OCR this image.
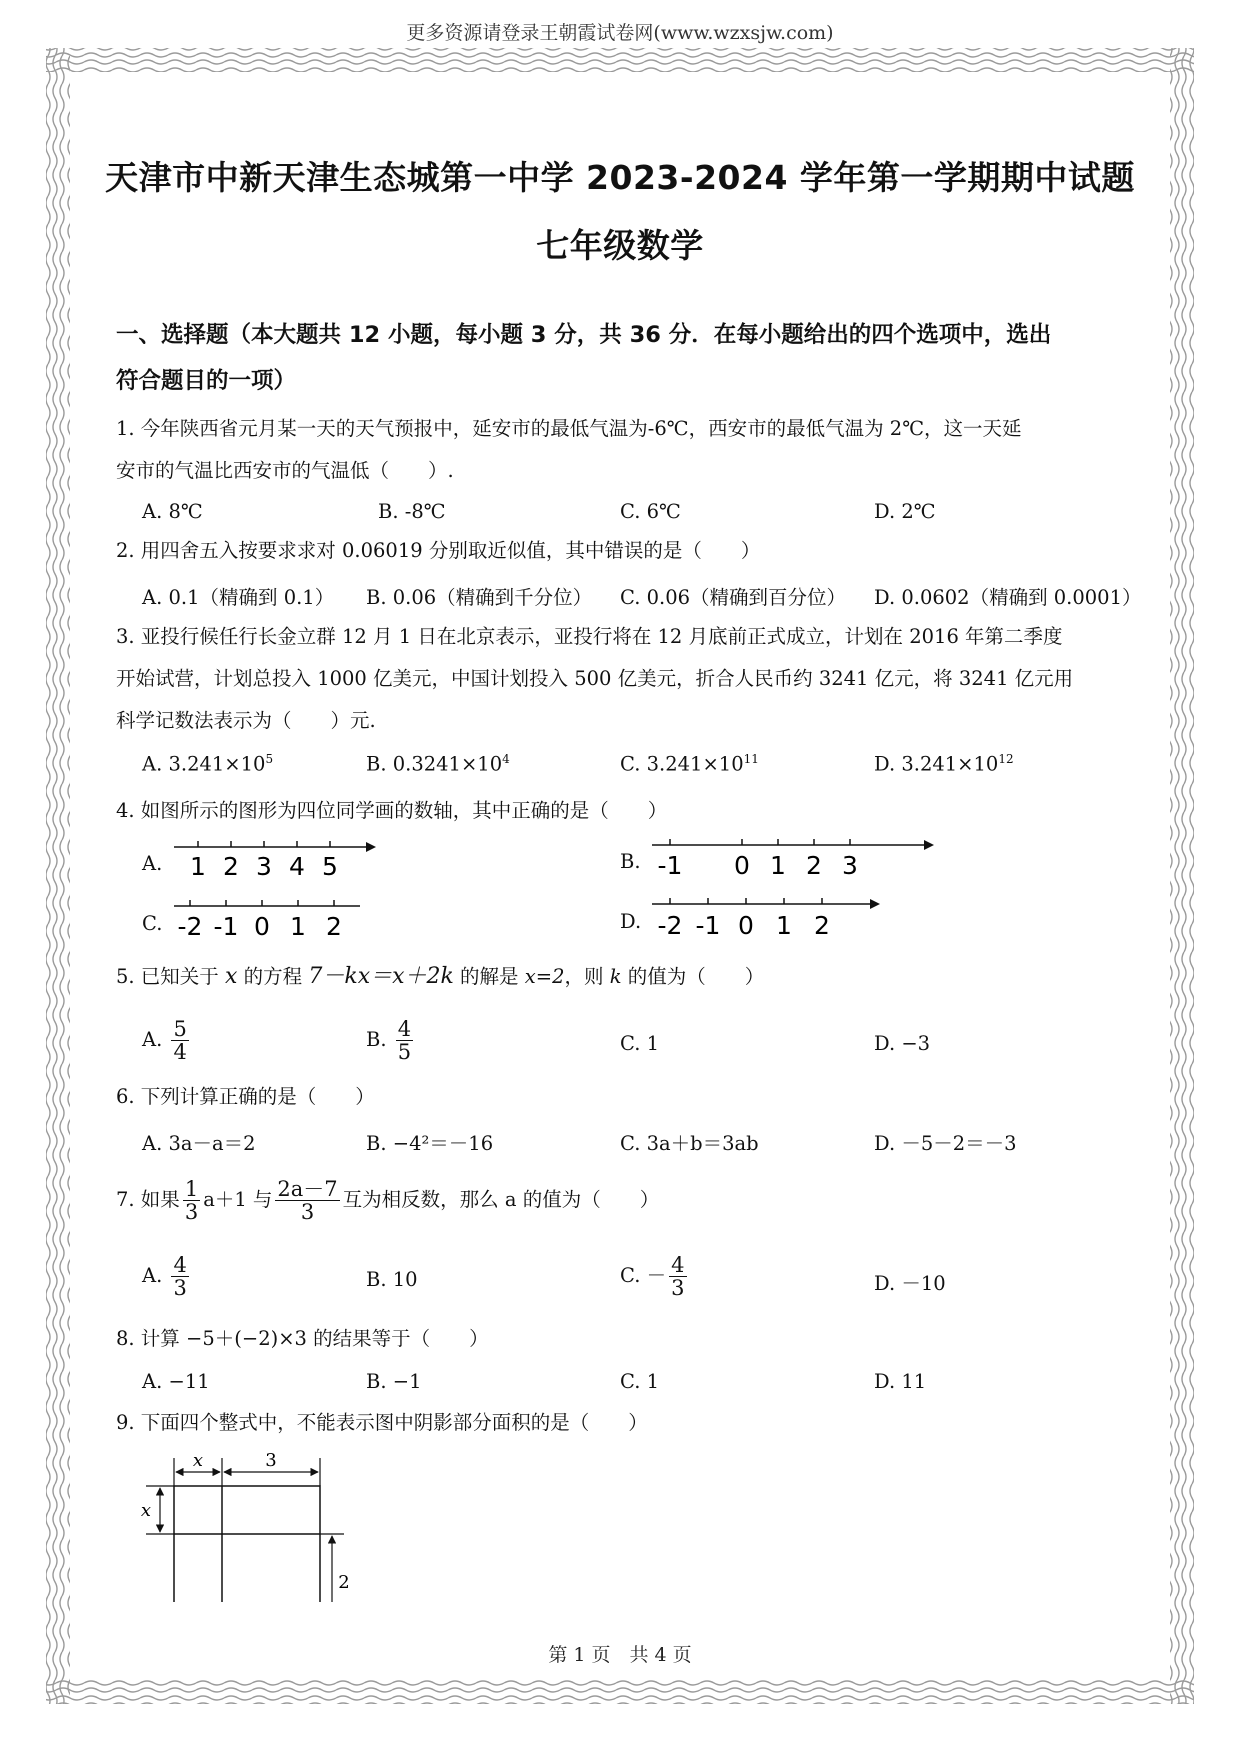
更多资源请登录王朝霞试卷网(www.wzxsjw.com)
天津市中新天津生态城第一中学 2023-2024 学年第一学期期中试题
七年级数学
一、选择题（本大题共 12 小题，每小题 3 分，共 36 分．在每小题给出的四个选项中，选出
符合题目的一项）
1. 今年陕西省元月某一天的天气预报中，延安市的最低气温为-6℃，西安市的最低气温为 2℃，这一天延
安市的气温比西安市的气温低（　　）.
A. 8℃	B. -8℃	C. 6℃	D. 2℃
2. 用四舍五入按要求求对 0.06019 分别取近似值，其中错误的是（　　）
A. 0.1（精确到 0.1） B. 0.06（精确到千分位） C. 0.06（精确到百分位） D. 0.0602（精确到 0.0001）
3. 亚投行候任行长金立群 12 月 1 日在北京表示，亚投行将在 12 月底前正式成立，计划在 2016 年第二季度
开始试营，计划总投入 1000 亿美元，中国计划投入 500 亿美元，折合人民币约 3241 亿元，将 3241 亿元用
科学记数法表示为（　　）元.
A. $3.241\times 10^5$	B. $0.3241\times 10^4$	C. $3.241\times 10^{11}$	D. $3.241\times 10^{12}$
4. 如图所示的图形为四位同学画的数轴，其中正确的是（　　）
A. 1 2 3 4 5	B. -1 0 1 2 3
C. -2 -1 0 1 2	D. -2 -1 0 1 2
5. 已知关于 x 的方程 7－kx＝x＋2k 的解是 x=2，则 k 的值为（　　）
A. $\frac{5}{4}$	B. $\frac{4}{5}$	C. 1	D. −3
6. 下列计算正确的是（　　）
A. 3a－a＝2	B. −4²＝－16	C. 3a＋b＝3ab	D. －5－2＝－3
7. 如果 $\frac{1}{3} a+1$ 与 $\frac{2a-7}{3}$ 互为相反数，那么 a 的值为（　　）
A. $\frac{4}{3}$	B. 10	C. － $\frac{4}{3}$	D. －10
8. 计算 −5＋(−2)×3 的结果等于（　　）
A. −11	B. −1	C. 1	D. 11
9. 下面四个整式中，不能表示图中阴影部分面积的是（　　）
x	3
x
2
第 1 页　共 4 页
